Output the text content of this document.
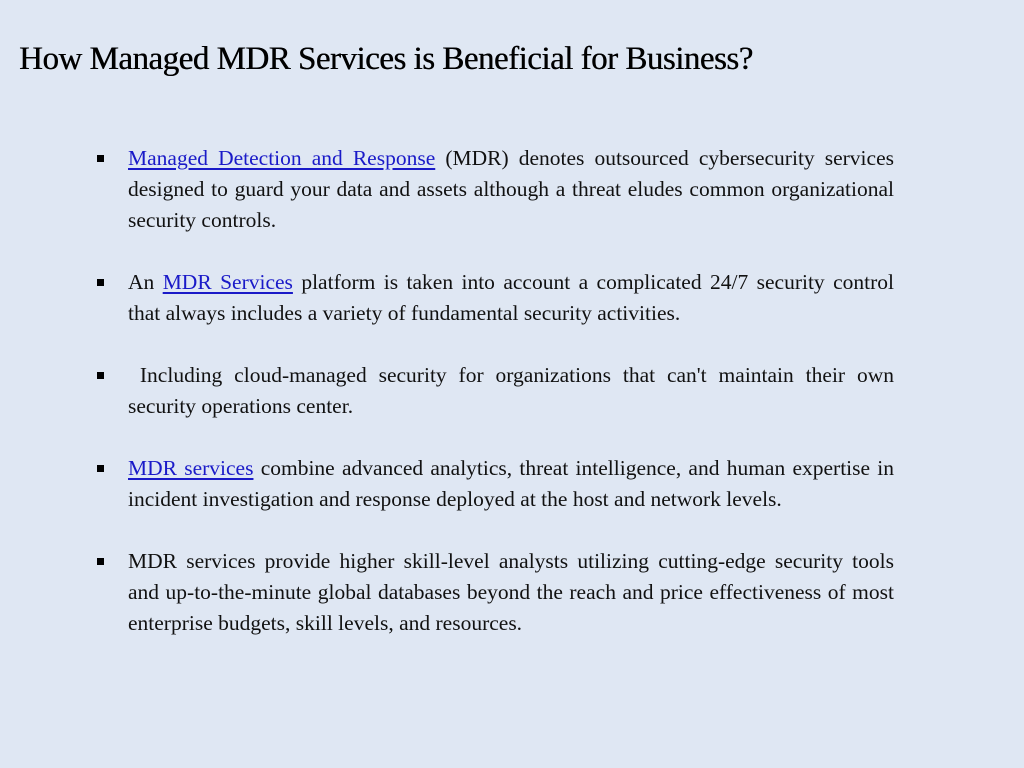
How Managed MDR Services is Beneficial for Business?
Managed Detection and Response (MDR) denotes outsourced cybersecurity services designed to guard your data and assets although a threat eludes common organizational security controls.
An MDR Services platform is taken into account a complicated 24/7 security control that always includes a variety of fundamental security activities.
Including cloud-managed security for organizations that can't maintain their own security operations center.
MDR services combine advanced analytics, threat intelligence, and human expertise in incident investigation and response deployed at the host and network levels.
MDR services provide higher skill-level analysts utilizing cutting-edge security tools and up-to-the-minute global databases beyond the reach and price effectiveness of most enterprise budgets, skill levels, and resources.
